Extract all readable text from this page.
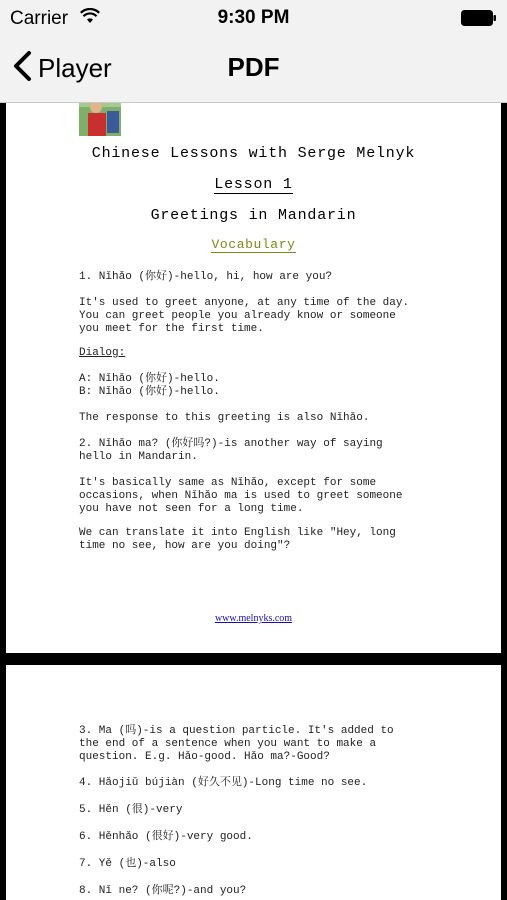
Carrier	9:30 PM
Player	PDF
Chinese Lessons with Serge Melnyk
Lesson 1
Greetings in Mandarin
Vocabulary
1. Nǐhǎo (你好)-hello, hi, how are you?
It's used to greet anyone, at any time of the day.
You can greet people you already know or someone
you meet for the first time.
Dialog:
A: Nǐhǎo (你好)-hello.
B: Nǐhǎo (你好)-hello.
The response to this greeting is also Nǐhǎo.
2. Nǐhǎo ma? (你好吗?)-is another way of saying
hello in Mandarin.
It's basically same as Nǐhǎo, except for some
occasions, when Nǐhǎo ma is used to greet someone
you have not seen for a long time.
We can translate it into English like "Hey, long
time no see, how are you doing"?
www.melnyks.com
3. Ma (吗)-is a question particle. It's added to
the end of a sentence when you want to make a
question. E.g. Hǎo-good. Hǎo ma?-Good?
4. Hǎojiǔ bújiàn (好久不见)-Long time no see.
5. Hěn (很)-very
6. Hěnhǎo (很好)-very good.
7. Yě (也)-also
8. Nǐ ne? (你呢?)-and you?
